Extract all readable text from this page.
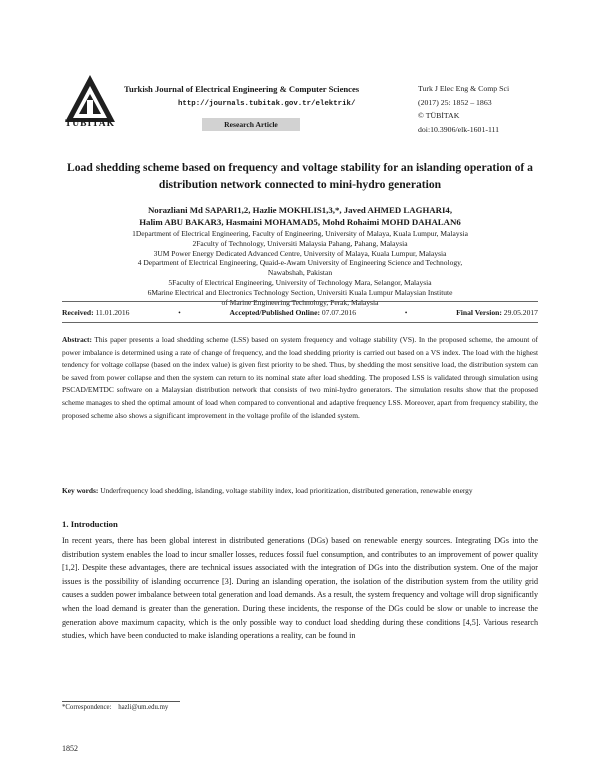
TÜBİTAK
Turkish Journal of Electrical Engineering & Computer Sciences
http://journals.tubitak.gov.tr/elektrik/
Research Article
Turk J Elec Eng & Comp Sci
(2017) 25: 1852 – 1863
© TÜBİTAK
doi:10.3906/elk-1601-111
Load shedding scheme based on frequency and voltage stability for an islanding operation of a distribution network connected to mini-hydro generation
Norazliani Md SAPARI1,2, Hazlie MOKHLIS1,3,*, Javed AHMED LAGHARI4,
Halim ABU BAKAR3, Hasmaini MOHAMAD5, Mohd Rohaimi MOHD DAHALAN6
1Department of Electrical Engineering, Faculty of Engineering, University of Malaya, Kuala Lumpur, Malaysia
2Faculty of Technology, Universiti Malaysia Pahang, Pahang, Malaysia
3UM Power Energy Dedicated Advanced Centre, University of Malaya, Kuala Lumpur, Malaysia
4 Department of Electrical Engineering, Quaid-e-Awam University of Engineering Science and Technology,
Nawabshah, Pakistan
5Faculty of Electrical Engineering, University of Technology Mara, Selangor, Malaysia
6Marine Electrical and Electronics Technology Section, Universiti Kuala Lumpur Malaysian Institute
of Marine Engineering Technology, Perak, Malaysia
Received: 11.01.2016	•	Accepted/Published Online: 07.07.2016	•	Final Version: 29.05.2017
Abstract: This paper presents a load shedding scheme (LSS) based on system frequency and voltage stability (VS). In the proposed scheme, the amount of power imbalance is determined using a rate of change of frequency, and the load shedding priority is carried out based on a VS index. The load with the highest tendency for voltage collapse (based on the index value) is given first priority to be shed. Thus, by shedding the most sensitive load, the distribution system can be saved from power collapse and then the system can return to its nominal state after load shedding. The proposed LSS is validated through simulation using PSCAD/EMTDC software on a Malaysian distribution network that consists of two mini-hydro generators. The simulation results show that the proposed scheme manages to shed the optimal amount of load when compared to conventional and adaptive frequency LSS. Moreover, apart from frequency stability, the proposed scheme also shows a significant improvement in the voltage profile of the islanded system.
Key words: Underfrequency load shedding, islanding, voltage stability index, load prioritization, distributed generation, renewable energy
1. Introduction
In recent years, there has been global interest in distributed generations (DGs) based on renewable energy sources. Integrating DGs into the distribution system enables the load to incur smaller losses, reduces fossil fuel consumption, and contributes to an improvement of power quality [1,2]. Despite these advantages, there are technical issues associated with the integration of DGs into the distribution system. One of the major issues is the possibility of islanding occurrence [3]. During an islanding operation, the isolation of the distribution system from the utility grid causes a sudden power imbalance between total generation and load demands. As a result, the system frequency and voltage will drop significantly when the load demand is greater than the generation. During these incidents, the response of the DGs could be slow or unable to increase the generation above maximum capacity, which is the only possible way to conduct load shedding during these conditions [4,5]. Various research studies, which have been conducted to make islanding operations a reality, can be found in
*Correspondence: hazli@um.edu.my
1852
